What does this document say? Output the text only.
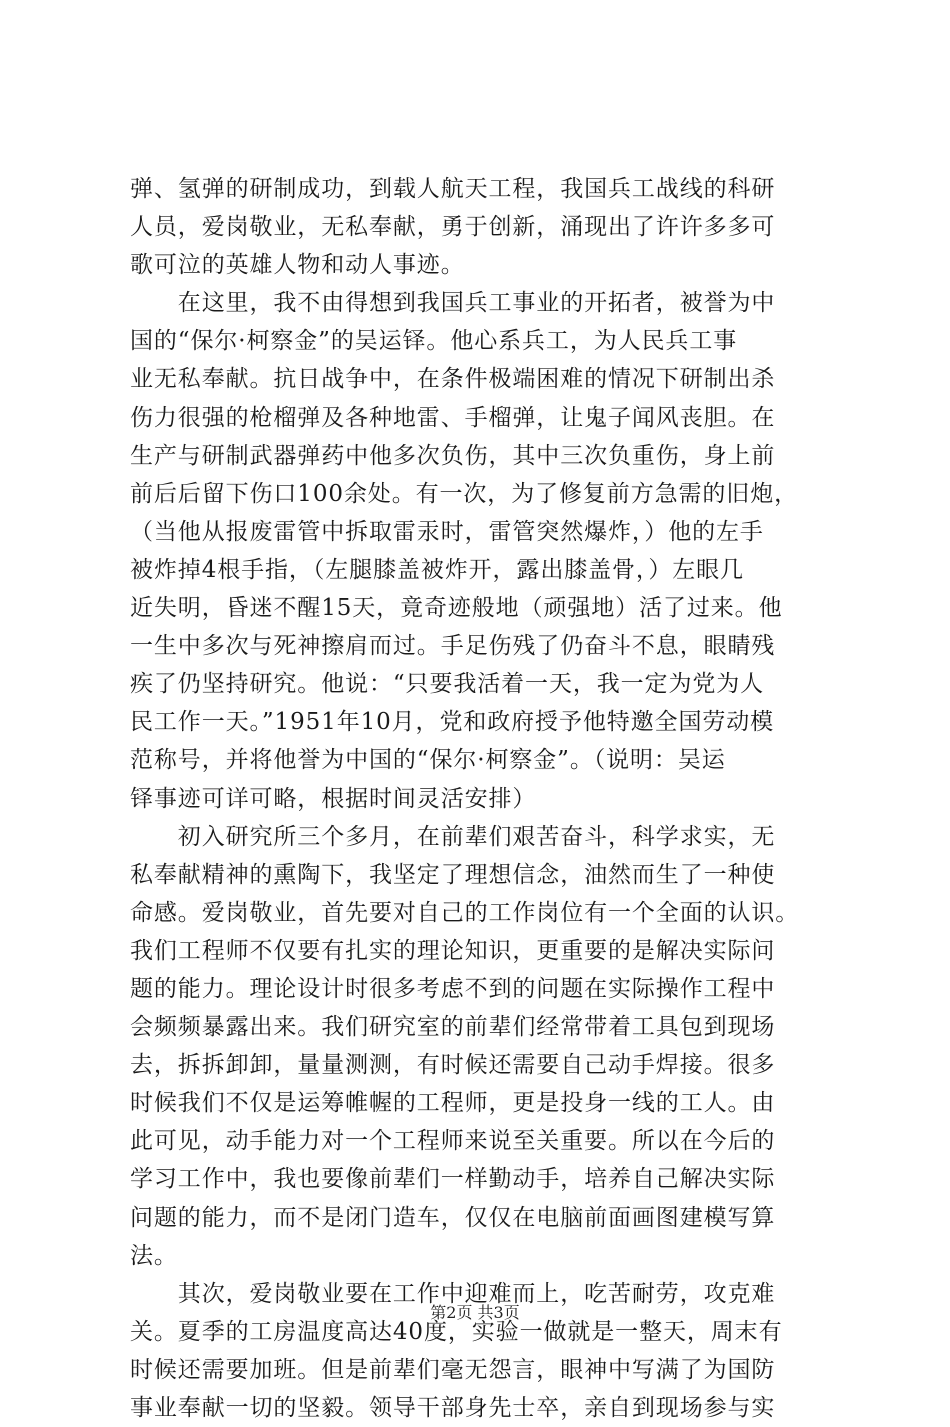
弹、氢弹的研制成功，到载人航天工程，我国兵工战线的科研
人员，爱岗敬业，无私奉献，勇于创新，涌现出了许许多多可
歌可泣的英雄人物和动人事迹。
　　在这里，我不由得想到我国兵工事业的开拓者，被誉为中
国的“保尔·柯察金”的吴运铎。他心系兵工，为人民兵工事
业无私奉献。抗日战争中，在条件极端困难的情况下研制出杀
伤力很强的枪榴弹及各种地雷、手榴弹，让鬼子闻风丧胆。在
生产与研制武器弹药中他多次负伤，其中三次负重伤，身上前
前后后留下伤口100余处。有一次，为了修复前方急需的旧炮，
（当他从报废雷管中拆取雷汞时，雷管突然爆炸，）他的左手
被炸掉4根手指，（左腿膝盖被炸开，露出膝盖骨，）左眼几
近失明，昏迷不醒15天，竟奇迹般地（顽强地）活了过来。他
一生中多次与死神擦肩而过。手足伤残了仍奋斗不息，眼睛残
疾了仍坚持研究。他说：“只要我活着一天，我一定为党为人
民工作一天。”1951年10月，党和政府授予他特邀全国劳动模
范称号，并将他誉为中国的“保尔·柯察金”。（说明：吴运
铎事迹可详可略，根据时间灵活安排）
　　初入研究所三个多月，在前辈们艰苦奋斗，科学求实，无
私奉献精神的熏陶下，我坚定了理想信念，油然而生了一种使
命感。爱岗敬业，首先要对自己的工作岗位有一个全面的认识。
我们工程师不仅要有扎实的理论知识，更重要的是解决实际问
题的能力。理论设计时很多考虑不到的问题在实际操作工程中
会频频暴露出来。我们研究室的前辈们经常带着工具包到现场
去，拆拆卸卸，量量测测，有时候还需要自己动手焊接。很多
时候我们不仅是运筹帷幄的工程师，更是投身一线的工人。由
此可见，动手能力对一个工程师来说至关重要。所以在今后的
学习工作中，我也要像前辈们一样勤动手，培养自己解决实际
问题的能力，而不是闭门造车，仅仅在电脑前面画图建模写算
法。
　　其次，爱岗敬业要在工作中迎难而上，吃苦耐劳，攻克难
关。夏季的工房温度高达40度，实验一做就是一整天，周末有
时候还需要加班。但是前辈们毫无怨言，眼神中写满了为国防
事业奉献一切的坚毅。领导干部身先士卒，亲自到现场参与实
第2页 共3页
